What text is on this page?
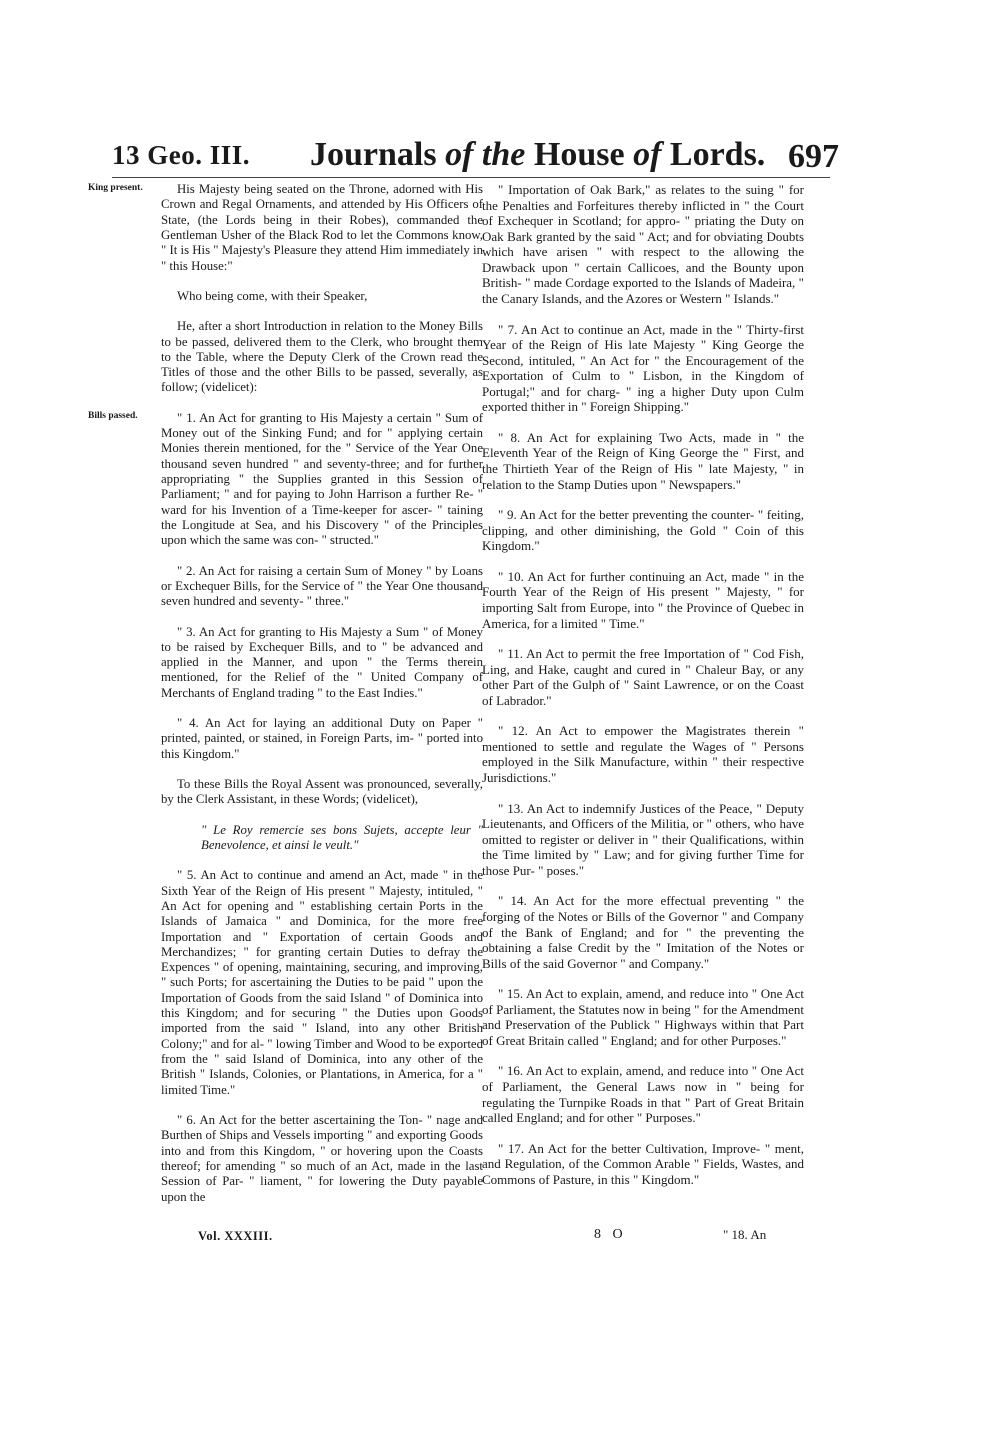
13 Geo. III. Journals of the House of Lords. 697
King present.
Bills passed.

His Majesty being seated on the Throne, adorned with His Crown and Regal Ornaments, and attended by His Officers of State, (the Lords being in their Robes), commanded the Gentleman Usher of the Black Rod to let the Commons know, " It is His " Majesty's Pleasure they attend Him immediately in " this House:"

Who being come, with their Speaker,

He, after a short Introduction in relation to the Money Bills to be passed, delivered them to the Clerk, who brought them to the Table, where the Deputy Clerk of the Crown read the Titles of those and the other Bills to be passed, severally, as follow; (videlicet):

" 1. An Act for granting to His Majesty a certain " Sum of Money out of the Sinking Fund; and for " applying certain Monies therein mentioned, for the " Service of the Year One thousand seven hundred " and seventy-three; and for further appropriating " the Supplies granted in this Session of Parliament; " and for paying to John Harrison a further Re- " ward for his Invention of a Time-keeper for ascer- " taining the Longitude at Sea, and his Discovery " of the Principles upon which the same was con- " structed."

" 2. An Act for raising a certain Sum of Money " by Loans or Exchequer Bills, for the Service of " the Year One thousand seven hundred and seventy- " three."

" 3. An Act for granting to His Majesty a Sum " of Money to be raised by Exchequer Bills, and to " be advanced and applied in the Manner, and upon " the Terms therein mentioned, for the Relief of the " United Company of Merchants of England trading " to the East Indies."

" 4. An Act for laying an additional Duty on Paper " printed, painted, or stained, in Foreign Parts, im- " ported into this Kingdom."

To these Bills the Royal Assent was pronounced, severally, by the Clerk Assistant, in these Words; (videlicet),

" Le Roy remercie ses bons Sujets, accepte leur " Benevolence, et ainsi le veult."

" 5. An Act to continue and amend an Act, made " in the Sixth Year of the Reign of His present " Majesty, intituled, " An Act for opening and " establishing certain Ports in the Islands of Jamaica " and Dominica, for the more free Importation and " Exportation of certain Goods and Merchandizes; " for granting certain Duties to defray the Expences " of opening, maintaining, securing, and improving, " such Ports; for ascertaining the Duties to be paid " upon the Importation of Goods from the said Island " of Dominica into this Kingdom; and for securing " the Duties upon Goods imported from the said " Island, into any other British Colony;" and for al- " lowing Timber and Wood to be exported from the " said Island of Dominica, into any other of the British " Islands, Colonies, or Plantations, in America, for a " limited Time."

" 6. An Act for the better ascertaining the Ton- " nage and Burthen of Ships and Vessels importing " and exporting Goods into and from this Kingdom, " or hovering upon the Coasts thereof; for amending " so much of an Act, made in the last Session of Par- " liament, " for lowering the Duty payable upon the

" Importation of Oak Bark," as relates to the suing " for the Penalties and Forfeitures thereby inflicted in " the Court of Exchequer in Scotland; for appro- " priating the Duty on Oak Bark granted by the said " Act; and for obviating Doubts which have arisen " with respect to the allowing the Drawback upon " certain Callicoes, and the Bounty upon British- " made Cordage exported to the Islands of Madeira, " the Canary Islands, and the Azores or Western " Islands."

" 7. An Act to continue an Act, made in the " Thirty-first Year of the Reign of His late Majesty " King George the Second, intituled, " An Act for " the Encouragement of the Exportation of Culm to " Lisbon, in the Kingdom of Portugal;" and for charg- " ing a higher Duty upon Culm exported thither in " Foreign Shipping."

" 8. An Act for explaining Two Acts, made in " the Eleventh Year of the Reign of King George the " First, and the Thirtieth Year of the Reign of His " late Majesty, " in relation to the Stamp Duties upon " Newspapers."

" 9. An Act for the better preventing the counter- " feiting, clipping, and other diminishing, the Gold " Coin of this Kingdom."

" 10. An Act for further continuing an Act, made " in the Fourth Year of the Reign of His present " Majesty, " for importing Salt from Europe, into " the Province of Quebec in America, for a limited " Time."

" 11. An Act to permit the free Importation of " Cod Fish, Ling, and Hake, caught and cured in " Chaleur Bay, or any other Part of the Gulph of " Saint Lawrence, or on the Coast of Labrador."

" 12. An Act to empower the Magistrates therein " mentioned to settle and regulate the Wages of " Persons employed in the Silk Manufacture, within " their respective Jurisdictions."

" 13. An Act to indemnify Justices of the Peace, " Deputy Lieutenants, and Officers of the Militia, or " others, who have omitted to register or deliver in " their Qualifications, within the Time limited by " Law; and for giving further Time for those Pur- " poses."

" 14. An Act for the more effectual preventing " the forging of the Notes or Bills of the Governor " and Company of the Bank of England; and for " the preventing the obtaining a false Credit by the " Imitation of the Notes or Bills of the said Governor " and Company."

" 15. An Act to explain, amend, and reduce into " One Act of Parliament, the Statutes now in being " for the Amendment and Preservation of the Publick " Highways within that Part of Great Britain called " England; and for other Purposes."

" 16. An Act to explain, amend, and reduce into " One Act of Parliament, the General Laws now in " being for regulating the Turnpike Roads in that " Part of Great Britain called England; and for other " Purposes."

" 17. An Act for the better Cultivation, Improve- " ment, and Regulation, of the Common Arable " Fields, Wastes, and Commons of Pasture, in this " Kingdom."

Vol. XXXIII.	8 O	" 18. An
